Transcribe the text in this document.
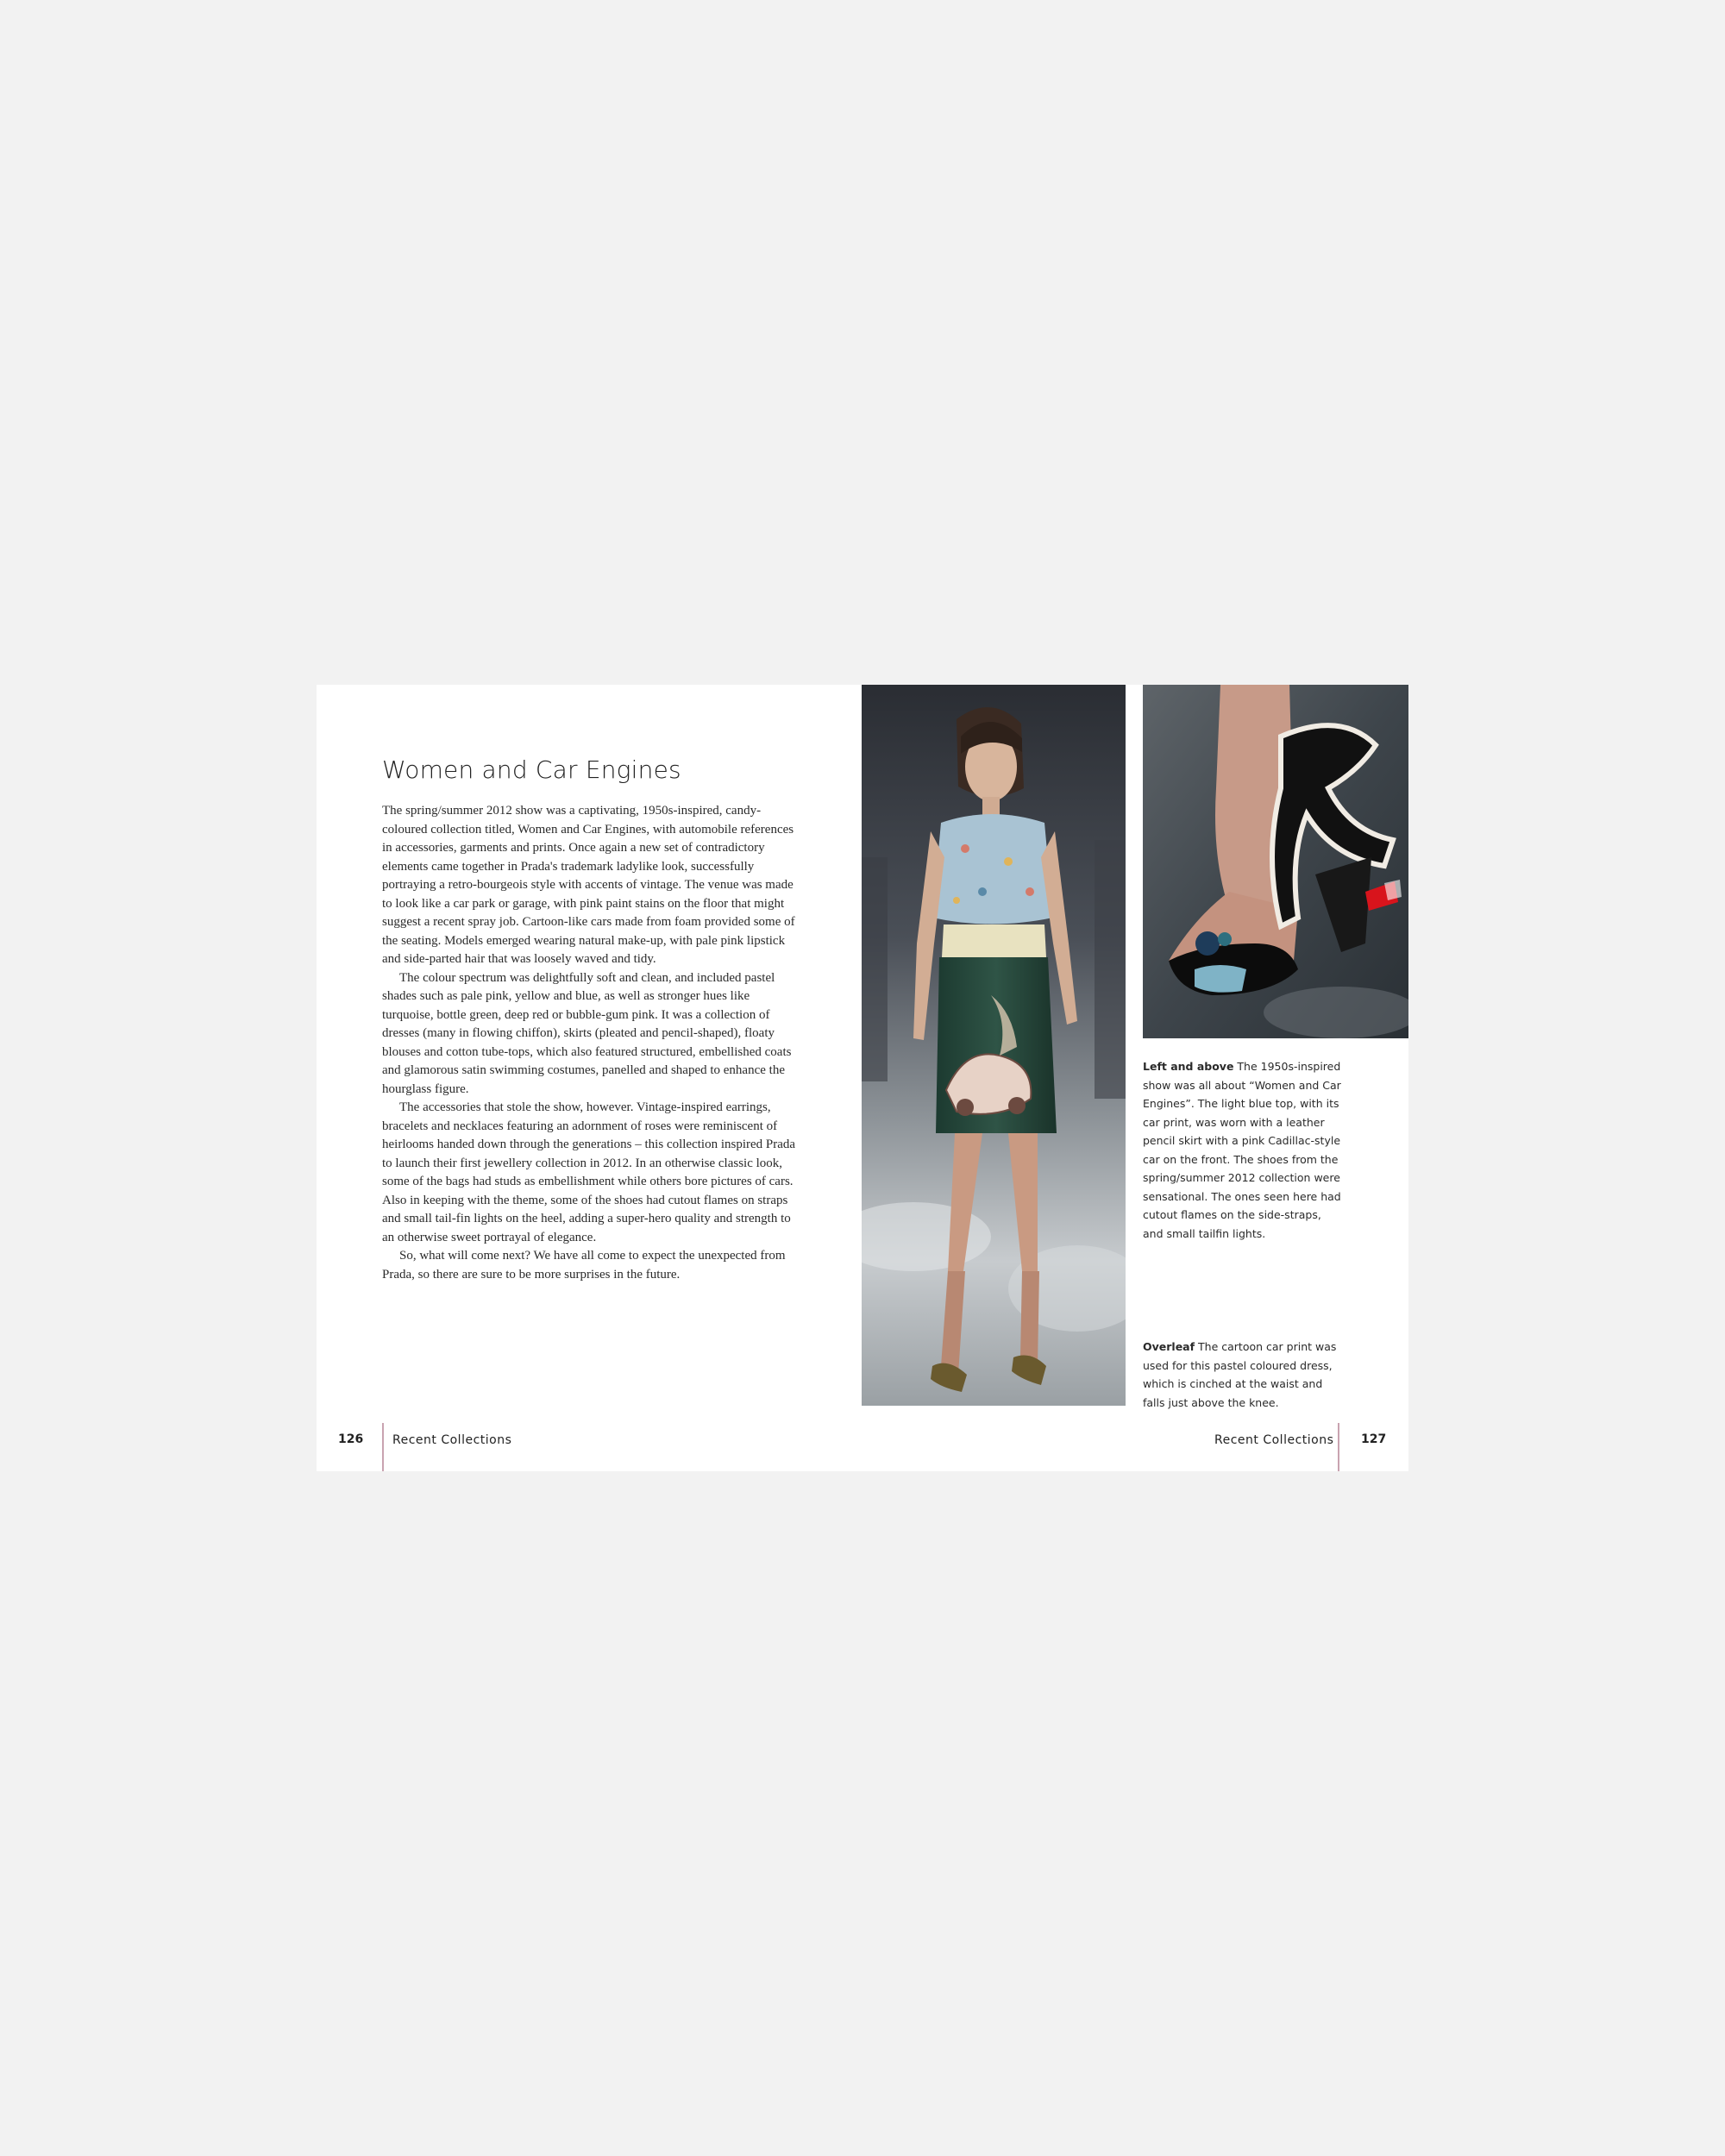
Women and Car Engines

The spring/summer 2012 show was a captivating, 1950s-inspired, candy-coloured collection titled, Women and Car Engines, with automobile references in accessories, garments and prints. Once again a new set of contradictory elements came together in Prada's trademark ladylike look, successfully portraying a retro-bourgeois style with accents of vintage. The venue was made to look like a car park or garage, with pink paint stains on the floor that might suggest a recent spray job. Cartoon-like cars made from foam provided some of the seating. Models emerged wearing natural make-up, with pale pink lipstick and side-parted hair that was loosely waved and tidy.

The colour spectrum was delightfully soft and clean, and included pastel shades such as pale pink, yellow and blue, as well as stronger hues like turquoise, bottle green, deep red or bubble-gum pink. It was a collection of dresses (many in flowing chiffon), skirts (pleated and pencil-shaped), floaty blouses and cotton tube-tops, which also featured structured, embellished coats and glamorous satin swimming costumes, panelled and shaped to enhance the hourglass figure.

The accessories that stole the show, however. Vintage-inspired earrings, bracelets and necklaces featuring an adornment of roses were reminiscent of heirlooms handed down through the generations – this collection inspired Prada to launch their first jewellery collection in 2012. In an otherwise classic look, some of the bags had studs as embellishment while others bore pictures of cars. Also in keeping with the theme, some of the shoes had cutout flames on straps and small tail-fin lights on the heel, adding a super-hero quality and strength to an otherwise sweet portrayal of elegance.

So, what will come next? We have all come to expect the unexpected from Prada, so there are sure to be more surprises in the future.

126 Recent Collections
Left and above The 1950s-inspired show was all about “Women and Car Engines”. The light blue top, with its car print, was worn with a leather pencil skirt with a pink Cadillac-style car on the front. The shoes from the spring/summer 2012 collection were sensational. The ones seen here had cutout flames on the side-straps, and small tailfin lights.
Overleaf The cartoon car print was used for this pastel coloured dress, which is cinched at the waist and falls just above the knee.
Recent Collections 127
